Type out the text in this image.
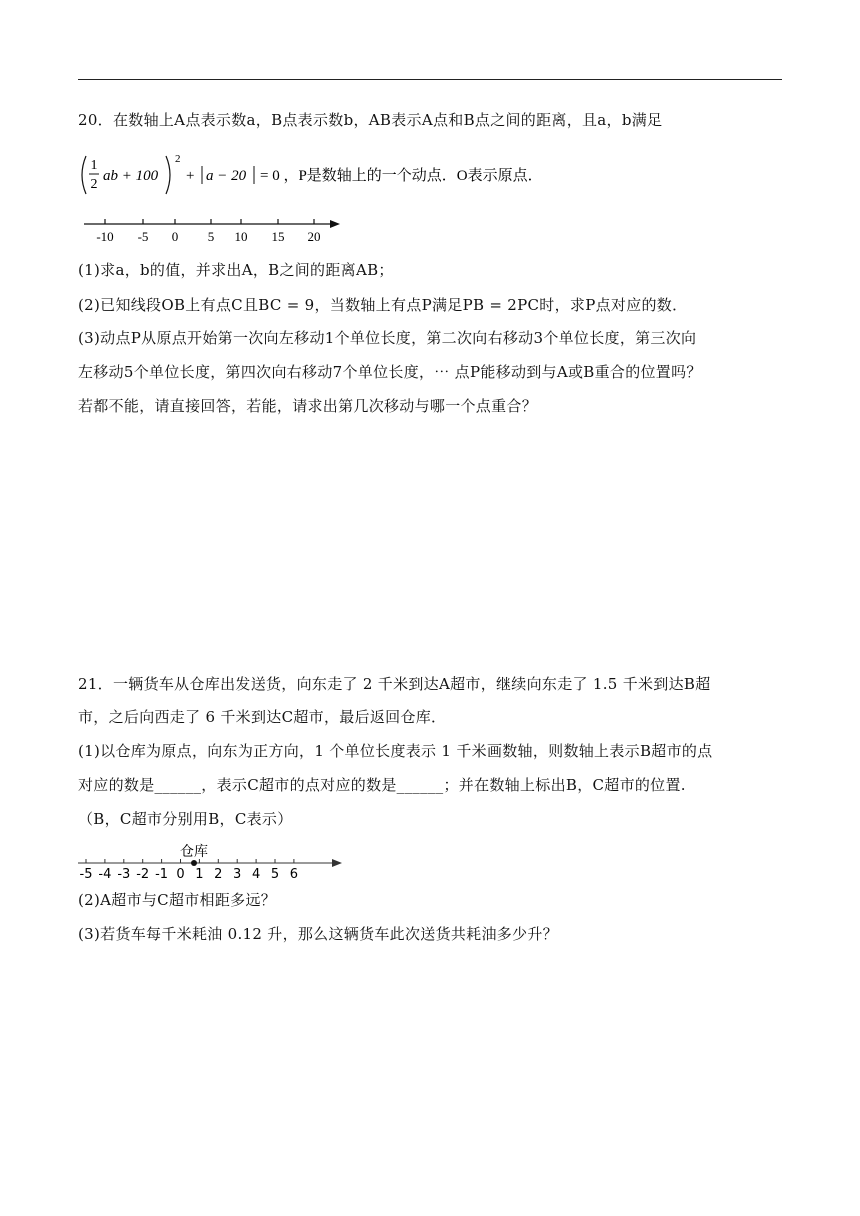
20．在数轴上A点表示数a，B点表示数b，AB表示A点和B点之间的距离，且a，b满足
1
2
ab + 100
2
+ a − 20 = 0 ，P是数轴上的一个动点．O表示原点．
-10 -5 0 5 10 15 20
(1)求a，b的值，并求出A，B之间的距离AB；
(2)已知线段OB上有点C且BC = 9，当数轴上有点P满足PB = 2PC时，求P点对应的数．
(3)动点P从原点开始第一次向左移动1个单位长度，第二次向右移动3个单位长度，第三次向
左移动5个单位长度，第四次向右移动7个单位长度，⋯ 点P能移动到与A或B重合的位置吗？
若都不能，请直接回答，若能，请求出第几次移动与哪一个点重合？
21．一辆货车从仓库出发送货，向东走了 2 千米到达A超市，继续向东走了 1.5 千米到达B超
市，之后向西走了 6 千米到达C超市，最后返回仓库．
(1)以仓库为原点，向东为正方向，1 个单位长度表示 1 千米画数轴，则数轴上表示B超市的点
对应的数是______，表示C超市的点对应的数是______；并在数轴上标出B，C超市的位置.
（B，C超市分别用B，C表示）
仓库
-5 -4 -3 -2 -1 0 1 2 3 4 5 6
(2)A超市与C超市相距多远？
(3)若货车每千米耗油 0.12 升，那么这辆货车此次送货共耗油多少升？
